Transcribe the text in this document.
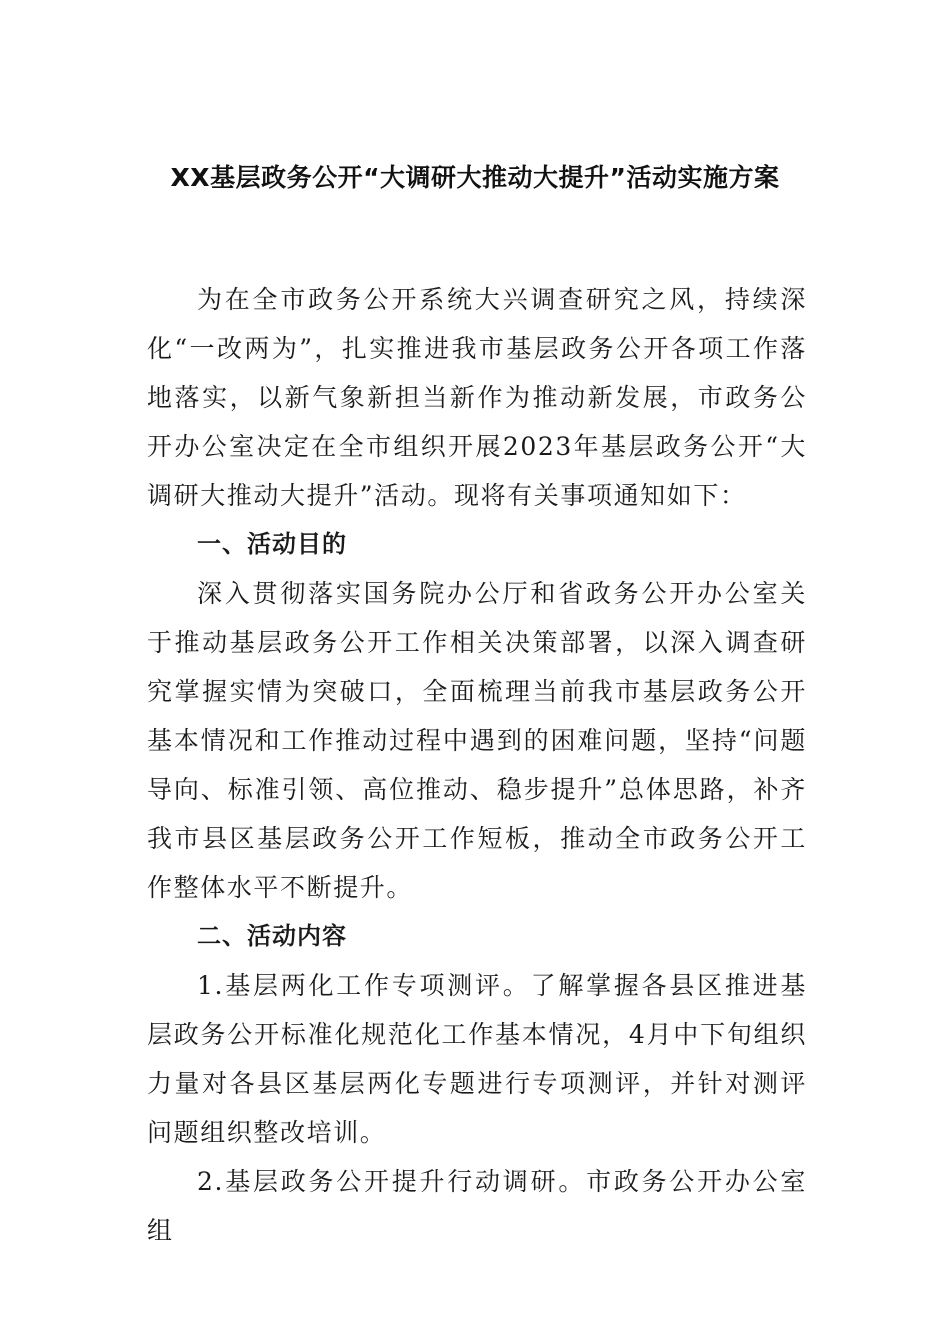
XX基层政务公开“大调研大推动大提升”活动实施方案

为在全市政务公开系统大兴调查研究之风，持续深化“一改两为”，扎实推进我市基层政务公开各项工作落地落实，以新气象新担当新作为推动新发展，市政务公开办公室决定在全市组织开展2023年基层政务公开“大调研大推动大提升”活动。现将有关事项通知如下：

一、活动目的

深入贯彻落实国务院办公厅和省政务公开办公室关于推动基层政务公开工作相关决策部署，以深入调查研究掌握实情为突破口，全面梳理当前我市基层政务公开基本情况和工作推动过程中遇到的困难问题，坚持“问题导向、标准引领、高位推动、稳步提升”总体思路，补齐我市县区基层政务公开工作短板，推动全市政务公开工作整体水平不断提升。

二、活动内容

1.基层两化工作专项测评。了解掌握各县区推进基层政务公开标准化规范化工作基本情况，4月中下旬组织力量对各县区基层两化专题进行专项测评，并针对测评问题组织整改培训。

2.基层政务公开提升行动调研。市政务公开办公室组
